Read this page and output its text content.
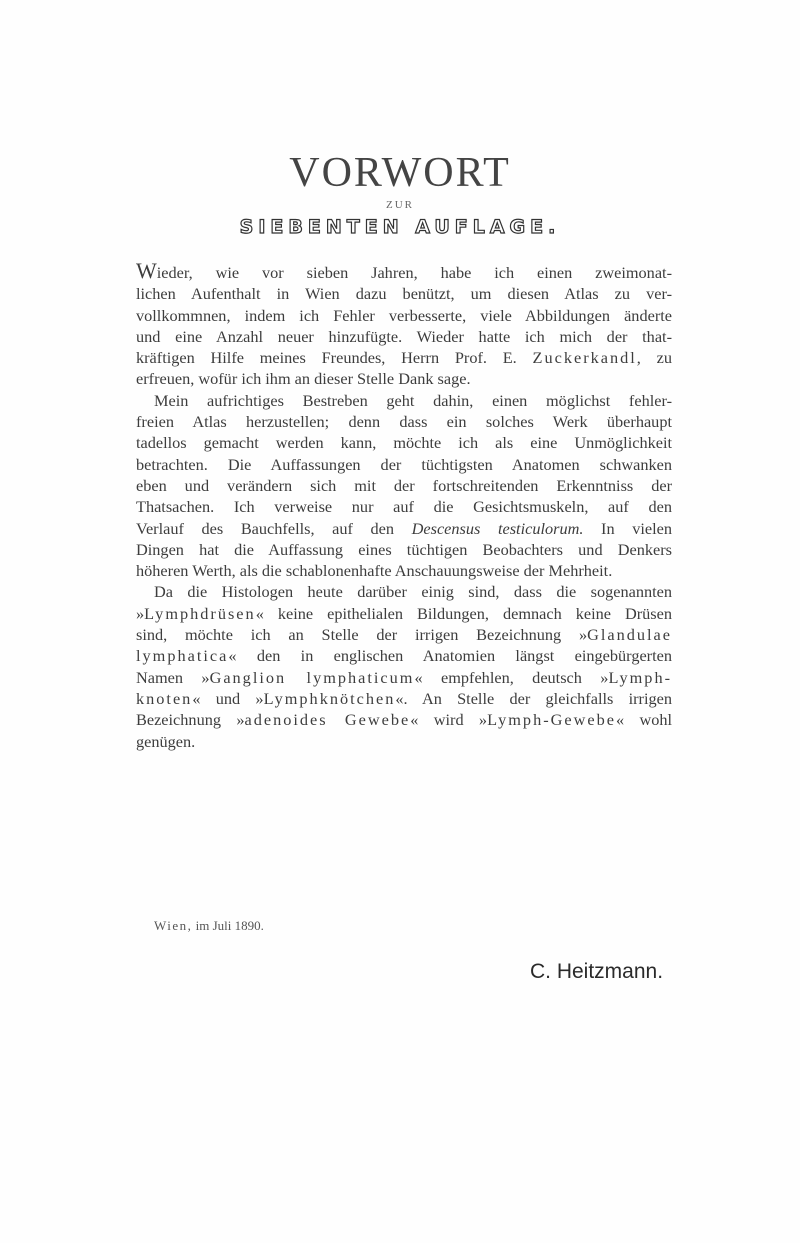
VORWORT
ZUR
SIEBENTEN AUFLAGE.
Wieder, wie vor sieben Jahren, habe ich einen zweimonat-
lichen Aufenthalt in Wien dazu benützt, um diesen Atlas zu ver-
vollkommnen, indem ich Fehler verbesserte, viele Abbildungen änderte
und eine Anzahl neuer hinzufügte. Wieder hatte ich mich der that-
kräftigen Hilfe meines Freundes, Herrn Prof. E. Zuckerkandl, zu
erfreuen, wofür ich ihm an dieser Stelle Dank sage.
Mein aufrichtiges Bestreben geht dahin, einen möglichst fehler-
freien Atlas herzustellen; denn dass ein solches Werk überhaupt
tadellos gemacht werden kann, möchte ich als eine Unmöglichkeit
betrachten. Die Auffassungen der tüchtigsten Anatomen schwanken
eben und verändern sich mit der fortschreitenden Erkenntniss der
Thatsachen. Ich verweise nur auf die Gesichtsmuskeln, auf den
Verlauf des Bauchfells, auf den Descensus testiculorum. In vielen
Dingen hat die Auffassung eines tüchtigen Beobachters und Denkers
höheren Werth, als die schablonenhafte Anschauungsweise der Mehrheit.
Da die Histologen heute darüber einig sind, dass die sogenannten
»Lymphdrüsen« keine epithelialen Bildungen, demnach keine Drüsen
sind, möchte ich an Stelle der irrigen Bezeichnung »Glandulae
lymphatica« den in englischen Anatomien längst eingebürgerten
Namen »Ganglion lymphaticum« empfehlen, deutsch »Lymph-
knoten« und »Lymphknötchen«. An Stelle der gleichfalls irrigen
Bezeichnung »adenoides Gewebe« wird »Lymph-Gewebe« wohl
genügen.
Wien, im Juli 1890.
C. Heitzmann.
